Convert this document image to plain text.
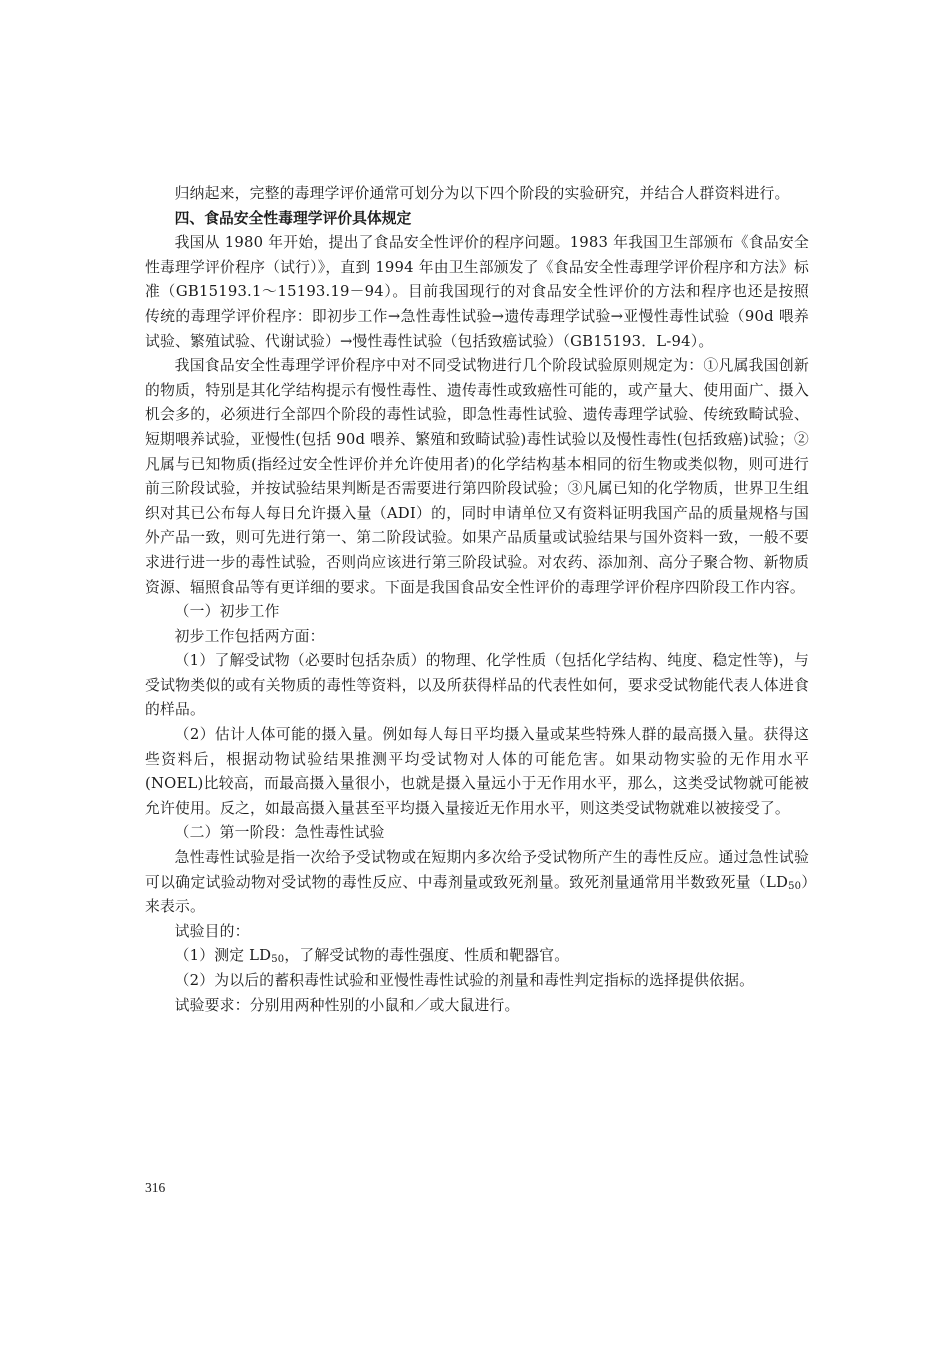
归纳起来，完整的毒理学评价通常可划分为以下四个阶段的实验研究，并结合人群资料进行。

四、食品安全性毒理学评价具体规定

我国从 1980 年开始，提出了食品安全性评价的程序问题。1983 年我国卫生部颁布《食品安全性毒理学评价程序（试行）》，直到 1994 年由卫生部颁发了《食品安全性毒理学评价程序和方法》标准（GB15193.1～15193.19－94）。目前我国现行的对食品安全性评价的方法和程序也还是按照传统的毒理学评价程序：即初步工作→急性毒性试验→遗传毒理学试验→亚慢性毒性试验（90d 喂养试验、繁殖试验、代谢试验）→慢性毒性试验（包括致癌试验）（GB15193．L-94）。

我国食品安全性毒理学评价程序中对不同受试物进行几个阶段试验原则规定为：①凡属我国创新的物质，特别是其化学结构提示有慢性毒性、遗传毒性或致癌性可能的，或产量大、使用面广、摄入机会多的，必须进行全部四个阶段的毒性试验，即急性毒性试验、遗传毒理学试验、传统致畸试验、短期喂养试验，亚慢性(包括 90d 喂养、繁殖和致畸试验)毒性试验以及慢性毒性(包括致癌)试验；②凡属与已知物质(指经过安全性评价并允许使用者)的化学结构基本相同的衍生物或类似物，则可进行前三阶段试验，并按试验结果判断是否需要进行第四阶段试验；③凡属已知的化学物质，世界卫生组织对其已公布每人每日允许摄入量（ADI）的，同时申请单位又有资料证明我国产品的质量规格与国外产品一致，则可先进行第一、第二阶段试验。如果产品质量或试验结果与国外资料一致，一般不要求进行进一步的毒性试验，否则尚应该进行第三阶段试验。对农药、添加剂、高分子聚合物、新物质资源、辐照食品等有更详细的要求。下面是我国食品安全性评价的毒理学评价程序四阶段工作内容。

（一）初步工作

初步工作包括两方面：

（1）了解受试物（必要时包括杂质）的物理、化学性质（包括化学结构、纯度、稳定性等)，与受试物类似的或有关物质的毒性等资料，以及所获得样品的代表性如何，要求受试物能代表人体进食的样品。

（2）估计人体可能的摄入量。例如每人每日平均摄入量或某些特殊人群的最高摄入量。获得这些资料后，根据动物试验结果推测平均受试物对人体的可能危害。如果动物实验的无作用水平(NOEL)比较高，而最高摄入量很小，也就是摄入量远小于无作用水平，那么，这类受试物就可能被允许使用。反之，如最高摄入量甚至平均摄入量接近无作用水平，则这类受试物就难以被接受了。

（二）第一阶段：急性毒性试验

急性毒性试验是指一次给予受试物或在短期内多次给予受试物所产生的毒性反应。通过急性试验可以确定试验动物对受试物的毒性反应、中毒剂量或致死剂量。致死剂量通常用半数致死量$(LD_{50})$来表示。

试验目的：

（1）测定 $LD_{50}$，了解受试物的毒性强度、性质和靶器官。

（2）为以后的蓄积毒性试验和亚慢性毒性试验的剂量和毒性判定指标的选择提供依据。

试验要求：分别用两种性别的小鼠和／或大鼠进行。

316
